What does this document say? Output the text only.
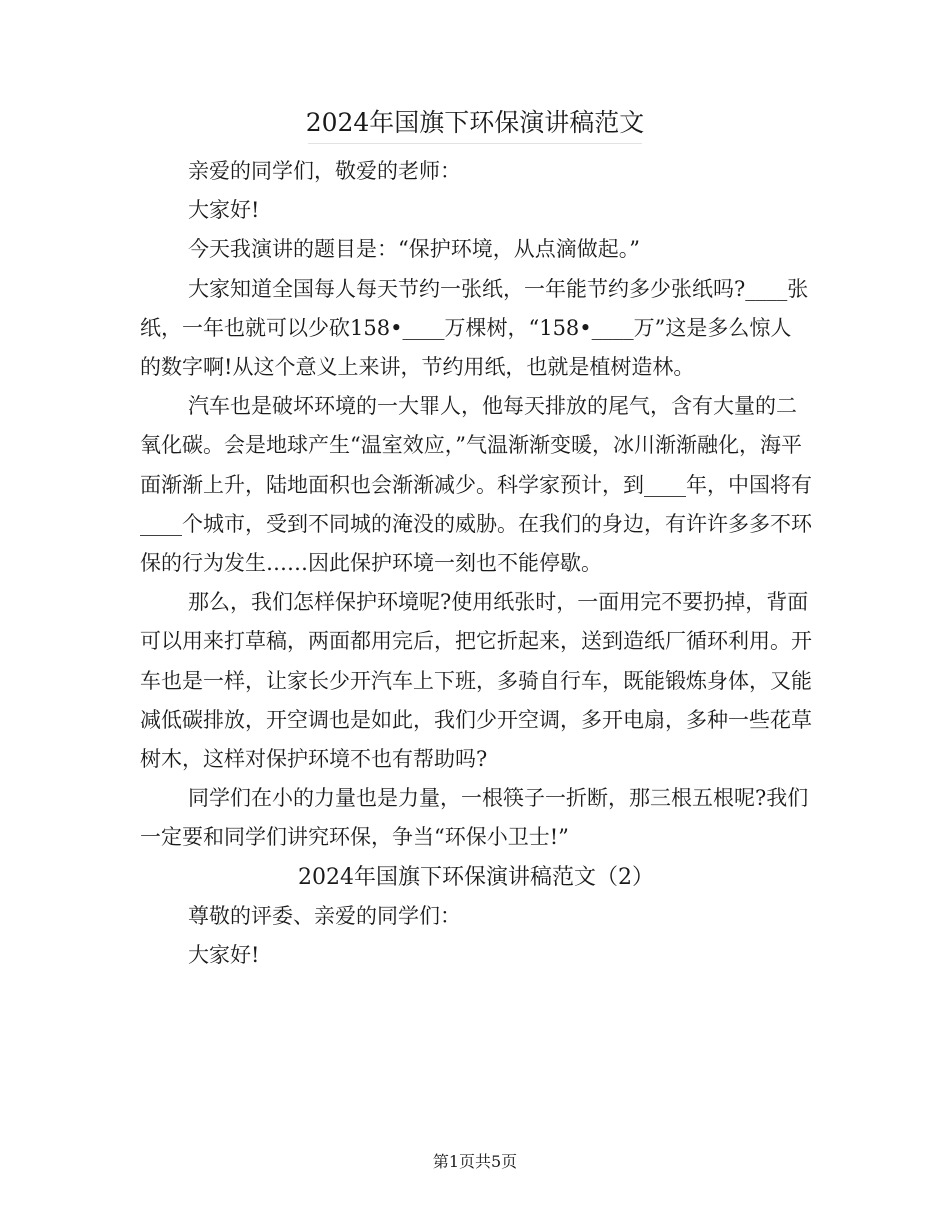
2024年国旗下环保演讲稿范文

亲爱的同学们，敬爱的老师：

大家好!

今天我演讲的题目是：“保护环境，从点滴做起。”

大家知道全国每人每天节约一张纸，一年能节约多少张纸吗?____张纸，一年也就可以少砍158•____万棵树，“158•____万”这是多么惊人的数字啊!从这个意义上来讲，节约用纸，也就是植树造林。

汽车也是破坏环境的一大罪人，他每天排放的尾气，含有大量的二氧化碳。会是地球产生“温室效应，”气温渐渐变暖，冰川渐渐融化，海平面渐渐上升，陆地面积也会渐渐减少。科学家预计，到____年，中国将有____个城市，受到不同城的淹没的威胁。在我们的身边，有许许多多不环保的行为发生……因此保护环境一刻也不能停歇。

那么，我们怎样保护环境呢?使用纸张时，一面用完不要扔掉，背面可以用来打草稿，两面都用完后，把它折起来，送到造纸厂循环利用。开车也是一样，让家长少开汽车上下班，多骑自行车，既能锻炼身体，又能减低碳排放，开空调也是如此，我们少开空调，多开电扇，多种一些花草树木，这样对保护环境不也有帮助吗?

同学们在小的力量也是力量，一根筷子一折断，那三根五根呢?我们一定要和同学们讲究环保，争当“环保小卫士!”

2024年国旗下环保演讲稿范文（2）

尊敬的评委、亲爱的同学们：

大家好!

第1页共5页
